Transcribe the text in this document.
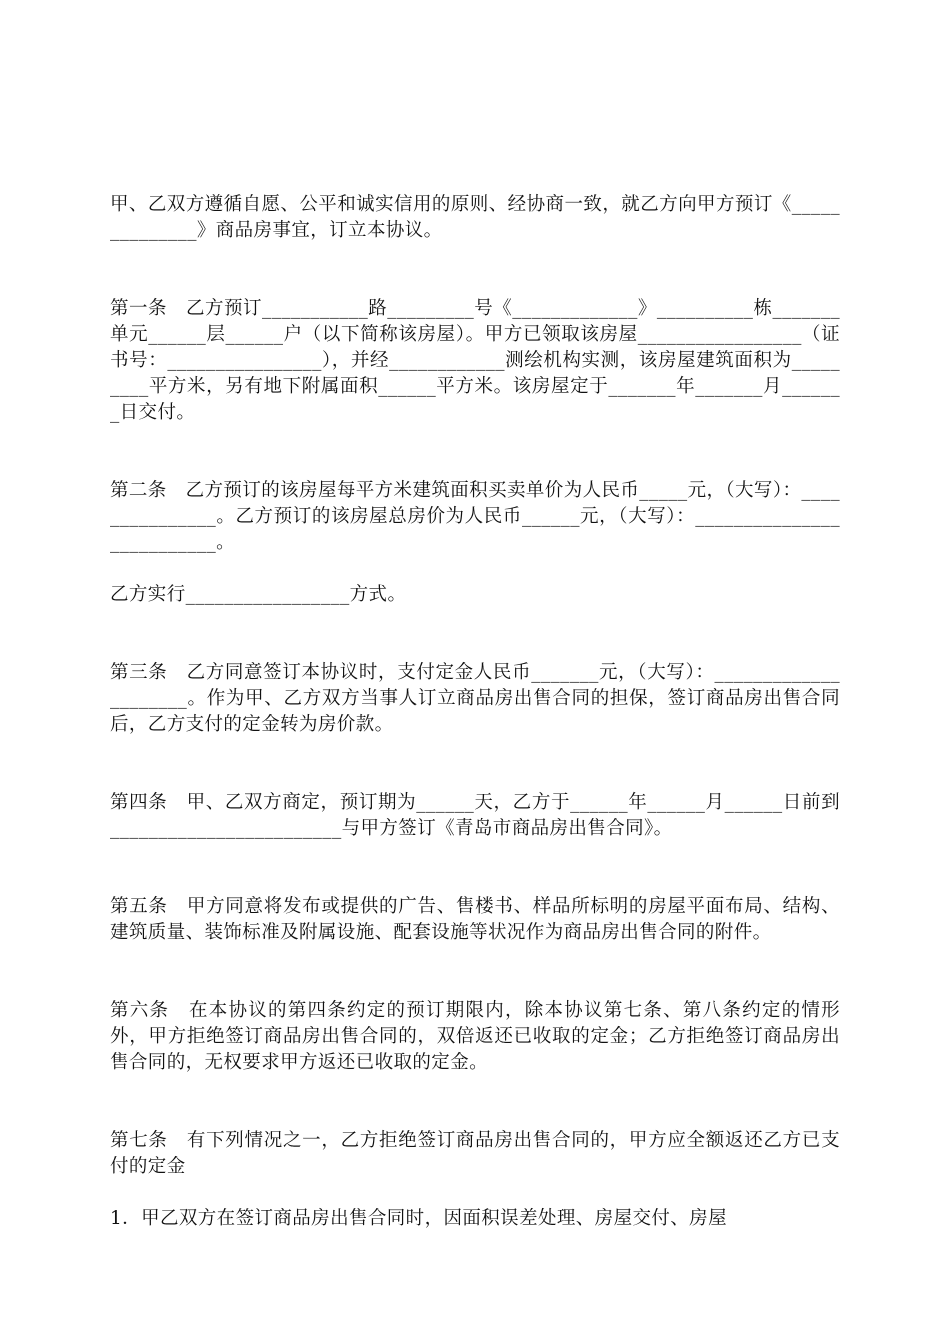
甲、乙双方遵循自愿、公平和诚实信用的原则、经协商一致，就乙方向甲方预订《______________》商品房事宜，订立本协议。

第一条　乙方预订___________路_________号《_____________》__________栋_______单元______层______户（以下简称该房屋）。甲方已领取该房屋_________________（证书号：________________），并经____________测绘机构实测，该房屋建筑面积为_________平方米，另有地下附属面积______平方米。该房屋定于_______年_______月_______日交付。

第二条　乙方预订的该房屋每平方米建筑面积买卖单价为人民币_____元，（大写）：_______________。乙方预订的该房屋总房价为人民币______元，（大写）：__________________________。

乙方实行_________________方式。

第三条　乙方同意签订本协议时，支付定金人民币_______元，（大写）：_____________________。作为甲、乙方双方当事人订立商品房出售合同的担保，签订商品房出售合同后，乙方支付的定金转为房价款。

第四条　甲、乙双方商定，预订期为______天，乙方于______年______月______日前到________________________与甲方签订《青岛市商品房出售合同》。

第五条　甲方同意将发布或提供的广告、售楼书、样品所标明的房屋平面布局、结构、建筑质量、装饰标准及附属设施、配套设施等状况作为商品房出售合同的附件。

第六条　在本协议的第四条约定的预订期限内，除本协议第七条、第八条约定的情形外，甲方拒绝签订商品房出售合同的，双倍返还已收取的定金；乙方拒绝签订商品房出售合同的，无权要求甲方返还已收取的定金。

第七条　有下列情况之一，乙方拒绝签订商品房出售合同的，甲方应全额返还乙方已支付的定金

1．甲乙双方在签订商品房出售合同时，因面积误差处理、房屋交付、房屋
